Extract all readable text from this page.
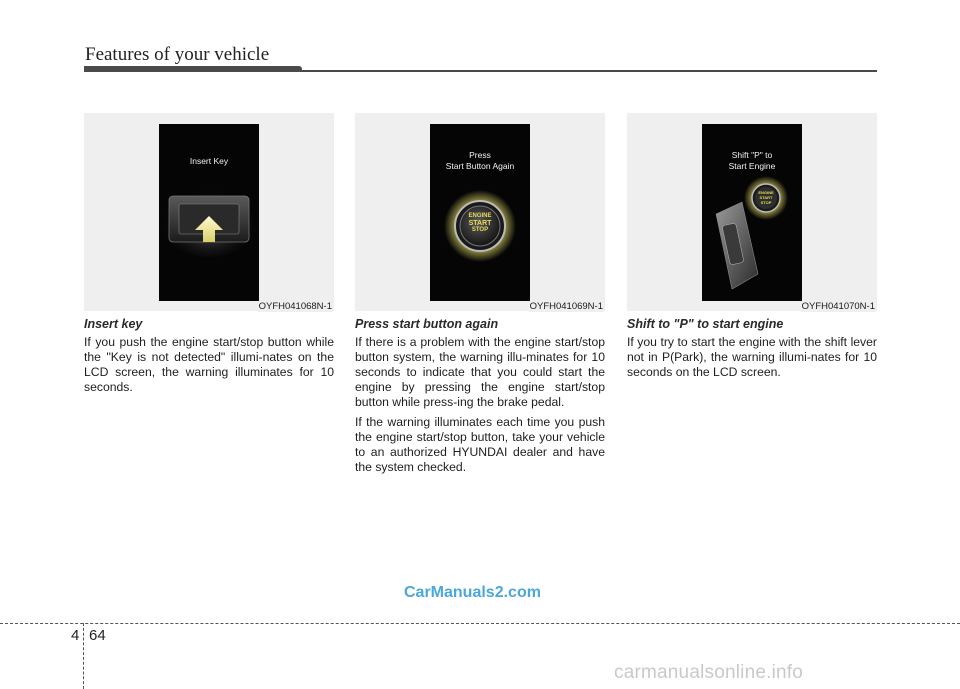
Features of your vehicle
Insert Key
OYFH041068N-1
Press
Start Button Again
ENGINE
START
STOP
OYFH041069N-1
Shift "P" to
Start Engine
ENGINE
START
STOP
OYFH041070N-1
Insert key

If you push the engine start/stop button while the "Key is not detected" illumi-nates on the LCD screen, the warning illuminates for 10 seconds.

Press start button again

If there is a problem with the engine start/stop button system, the warning illu-minates for 10 seconds to indicate that you could start the engine by pressing the engine start/stop button while press-ing the brake pedal.

If the warning illuminates each time you push the engine start/stop button, take your vehicle to an authorized HYUNDAI dealer and have the system checked.

Shift to "P" to start engine

If you try to start the engine with the shift lever not in P(Park), the warning illumi-nates for 10 seconds on the LCD screen.

CarManuals2.com
4 64
carmanualsonline.info
